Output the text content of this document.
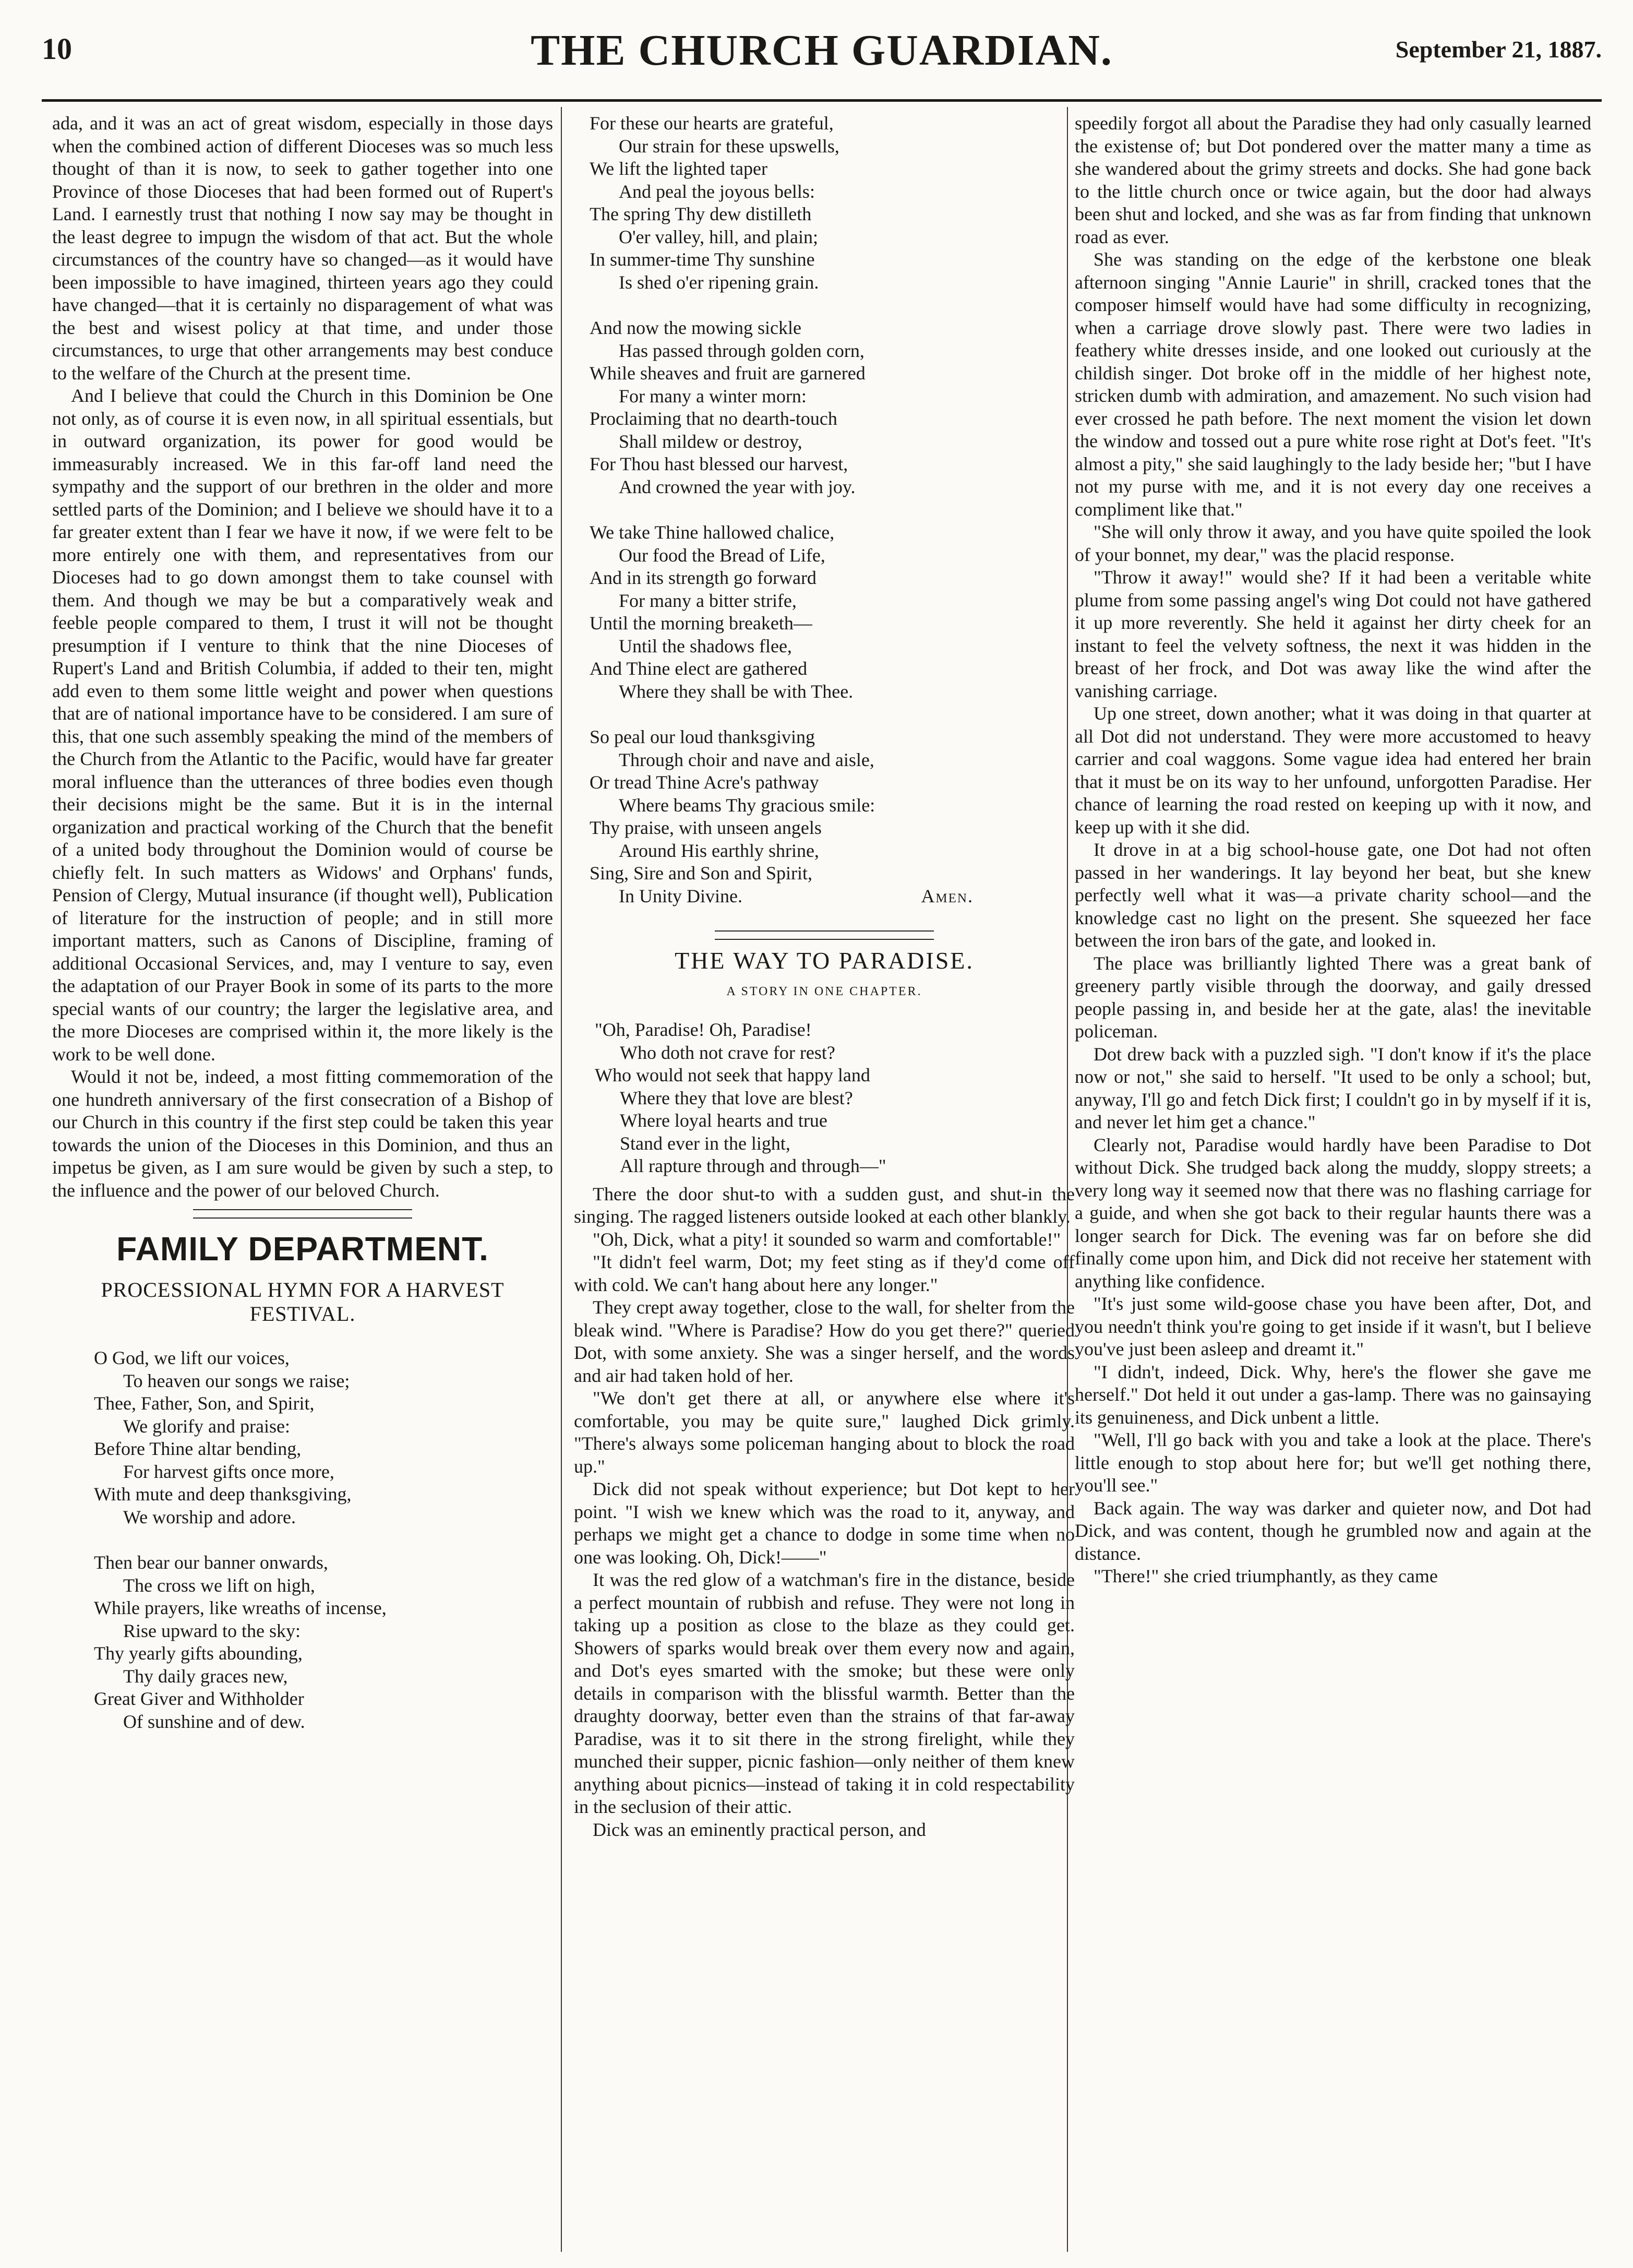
10	THE CHURCH GUARDIAN.	September 21, 1887.

ada, and it was an act of great wisdom, especially in those days when the combined action of different Dioceses was so much less thought of than it is now, to seek to gather together into one Province of those Dioceses that had been formed out of Rupert's Land. I earnestly trust that nothing I now say may be thought in the least degree to impugn the wisdom of that act. But the whole circumstances of the country have so changed—as it would have been impossible to have imagined, thirteen years ago they could have changed—that it is certainly no disparagement of what was the best and wisest policy at that time, and under those circumstances, to urge that other arrangements may best conduce to the welfare of the Church at the present time.

And I believe that could the Church in this Dominion be One not only, as of course it is even now, in all spiritual essentials, but in outward organization, its power for good would be immeasurably increased. We in this far-off land need the sympathy and the support of our brethren in the older and more settled parts of the Dominion; and I believe we should have it to a far greater extent than I fear we have it now, if we were felt to be more entirely one with them, and representatives from our Dioceses had to go down amongst them to take counsel with them. And though we may be but a comparatively weak and feeble people compared to them, I trust it will not be thought presumption if I venture to think that the nine Dioceses of Rupert's Land and British Columbia, if added to their ten, might add even to them some little weight and power when questions that are of national importance have to be considered. I am sure of this, that one such assembly speaking the mind of the members of the Church from the Atlantic to the Pacific, would have far greater moral influence than the utterances of three bodies even though their decisions might be the same. But it is in the internal organization and practical working of the Church that the benefit of a united body throughout the Dominion would of course be chiefly felt. In such matters as Widows' and Orphans' funds, Pension of Clergy, Mutual insurance (if thought well), Publication of literature for the instruction of people; and in still more important matters, such as Canons of Discipline, framing of additional Occasional Services, and, may I venture to say, even the adaptation of our Prayer Book in some of its parts to the more special wants of our country; the larger the legislative area, and the more Dioceses are comprised within it, the more likely is the work to be well done.

Would it not be, indeed, a most fitting commemoration of the one hundreth anniversary of the first consecration of a Bishop of our Church in this country if the first step could be taken this year towards the union of the Dioceses in this Dominion, and thus an impetus be given, as I am sure would be given by such a step, to the influence and the power of our beloved Church.

FAMILY DEPARTMENT.
PROCESSIONAL HYMN FOR A HARVEST FESTIVAL.
O God, we lift our voices,
To heaven our songs we raise;
Thee, Father, Son, and Spirit,
We glorify and praise:
Before Thine altar bending,
For harvest gifts once more,
With mute and deep thanksgiving,
We worship and adore.
Then bear our banner onwards,
The cross we lift on high,
While prayers, like wreaths of incense,
Rise upward to the sky:
Thy yearly gifts abounding,
Thy daily graces new,
Great Giver and Withholder
Of sunshine and of dew.
For these our hearts are grateful,
Our strain for these upswells,
We lift the lighted taper
And peal the joyous bells:
The spring Thy dew distilleth
O'er valley, hill, and plain;
In summer-time Thy sunshine
Is shed o'er ripening grain.
And now the mowing sickle
Has passed through golden corn,
While sheaves and fruit are garnered
For many a winter morn:
Proclaiming that no dearth-touch
Shall mildew or destroy,
For Thou hast blessed our harvest,
And crowned the year with joy.
We take Thine hallowed chalice,
Our food the Bread of Life,
And in its strength go forward
For many a bitter strife,
Until the morning breaketh—
Until the shadows flee,
And Thine elect are gathered
Where they shall be with Thee.
So peal our loud thanksgiving
Through choir and nave and aisle,
Or tread Thine Acre's pathway
Where beams Thy gracious smile:
Thy praise, with unseen angels
Around His earthly shrine,
Sing, Sire and Son and Spirit,
In Unity Divine.	Amen.
THE WAY TO PARADISE.
A STORY IN ONE CHAPTER.
"Oh, Paradise! Oh, Paradise!
Who doth not crave for rest?
Who would not seek that happy land
Where they that love are blest?
Where loyal hearts and true
Stand ever in the light,
All rapture through and through—"

There the door shut-to with a sudden gust, and shut-in the singing. The ragged listeners outside looked at each other blankly.

"Oh, Dick, what a pity! it sounded so warm and comfortable!"

"It didn't feel warm, Dot; my feet sting as if they'd come off with cold. We can't hang about here any longer."

They crept away together, close to the wall, for shelter from the bleak wind. "Where is Paradise? How do you get there?" queried Dot, with some anxiety. She was a singer herself, and the words and air had taken hold of her.

"We don't get there at all, or anywhere else where it's comfortable, you may be quite sure," laughed Dick grimly. "There's always some policeman hanging about to block the road up."

Dick did not speak without experience; but Dot kept to her point. "I wish we knew which was the road to it, anyway, and perhaps we might get a chance to dodge in some time when no one was looking. Oh, Dick!——"

It was the red glow of a watchman's fire in the distance, beside a perfect mountain of rubbish and refuse. They were not long in taking up a position as close to the blaze as they could get. Showers of sparks would break over them every now and again, and Dot's eyes smarted with the smoke; but these were only details in comparison with the blissful warmth. Better than the draughty doorway, better even than the strains of that far-away Paradise, was it to sit there in the strong firelight, while they munched their supper, picnic fashion—only neither of them knew anything about picnics—instead of taking it in cold respectability in the seclusion of their attic.

Dick was an eminently practical person, and

speedily forgot all about the Paradise they had only casually learned the existense of; but Dot pondered over the matter many a time as she wandered about the grimy streets and docks. She had gone back to the little church once or twice again, but the door had always been shut and locked, and she was as far from finding that unknown road as ever.

She was standing on the edge of the kerbstone one bleak afternoon singing "Annie Laurie" in shrill, cracked tones that the composer himself would have had some difficulty in recognizing, when a carriage drove slowly past. There were two ladies in feathery white dresses inside, and one looked out curiously at the childish singer. Dot broke off in the middle of her highest note, stricken dumb with admiration, and amazement. No such vision had ever crossed he path before. The next moment the vision let down the window and tossed out a pure white rose right at Dot's feet. "It's almost a pity," she said laughingly to the lady beside her; "but I have not my purse with me, and it is not every day one receives a compliment like that."

"She will only throw it away, and you have quite spoiled the look of your bonnet, my dear," was the placid response.

"Throw it away!" would she? If it had been a veritable white plume from some passing angel's wing Dot could not have gathered it up more reverently. She held it against her dirty cheek for an instant to feel the velvety softness, the next it was hidden in the breast of her frock, and Dot was away like the wind after the vanishing carriage.

Up one street, down another; what it was doing in that quarter at all Dot did not understand. They were more accustomed to heavy carrier and coal waggons. Some vague idea had entered her brain that it must be on its way to her unfound, unforgotten Paradise. Her chance of learning the road rested on keeping up with it now, and keep up with it she did.

It drove in at a big school-house gate, one Dot had not often passed in her wanderings. It lay beyond her beat, but she knew perfectly well what it was—a private charity school—and the knowledge cast no light on the present. She squeezed her face between the iron bars of the gate, and looked in.

The place was brilliantly lighted There was a great bank of greenery partly visible through the doorway, and gaily dressed people passing in, and beside her at the gate, alas! the inevitable policeman.

Dot drew back with a puzzled sigh. "I don't know if it's the place now or not," she said to herself. "It used to be only a school; but, anyway, I'll go and fetch Dick first; I couldn't go in by myself if it is, and never let him get a chance."

Clearly not, Paradise would hardly have been Paradise to Dot without Dick. She trudged back along the muddy, sloppy streets; a very long way it seemed now that there was no flashing carriage for a guide, and when she got back to their regular haunts there was a longer search for Dick. The evening was far on before she did finally come upon him, and Dick did not receive her statement with anything like confidence.

"It's just some wild-goose chase you have been after, Dot, and you needn't think you're going to get inside if it wasn't, but I believe you've just been asleep and dreamt it."

"I didn't, indeed, Dick. Why, here's the flower she gave me herself." Dot held it out under a gas-lamp. There was no gainsaying its genuineness, and Dick unbent a little.

"Well, I'll go back with you and take a look at the place. There's little enough to stop about here for; but we'll get nothing there, you'll see."

Back again. The way was darker and quieter now, and Dot had Dick, and was content, though he grumbled now and again at the distance.

"There!" she cried triumphantly, as they came
